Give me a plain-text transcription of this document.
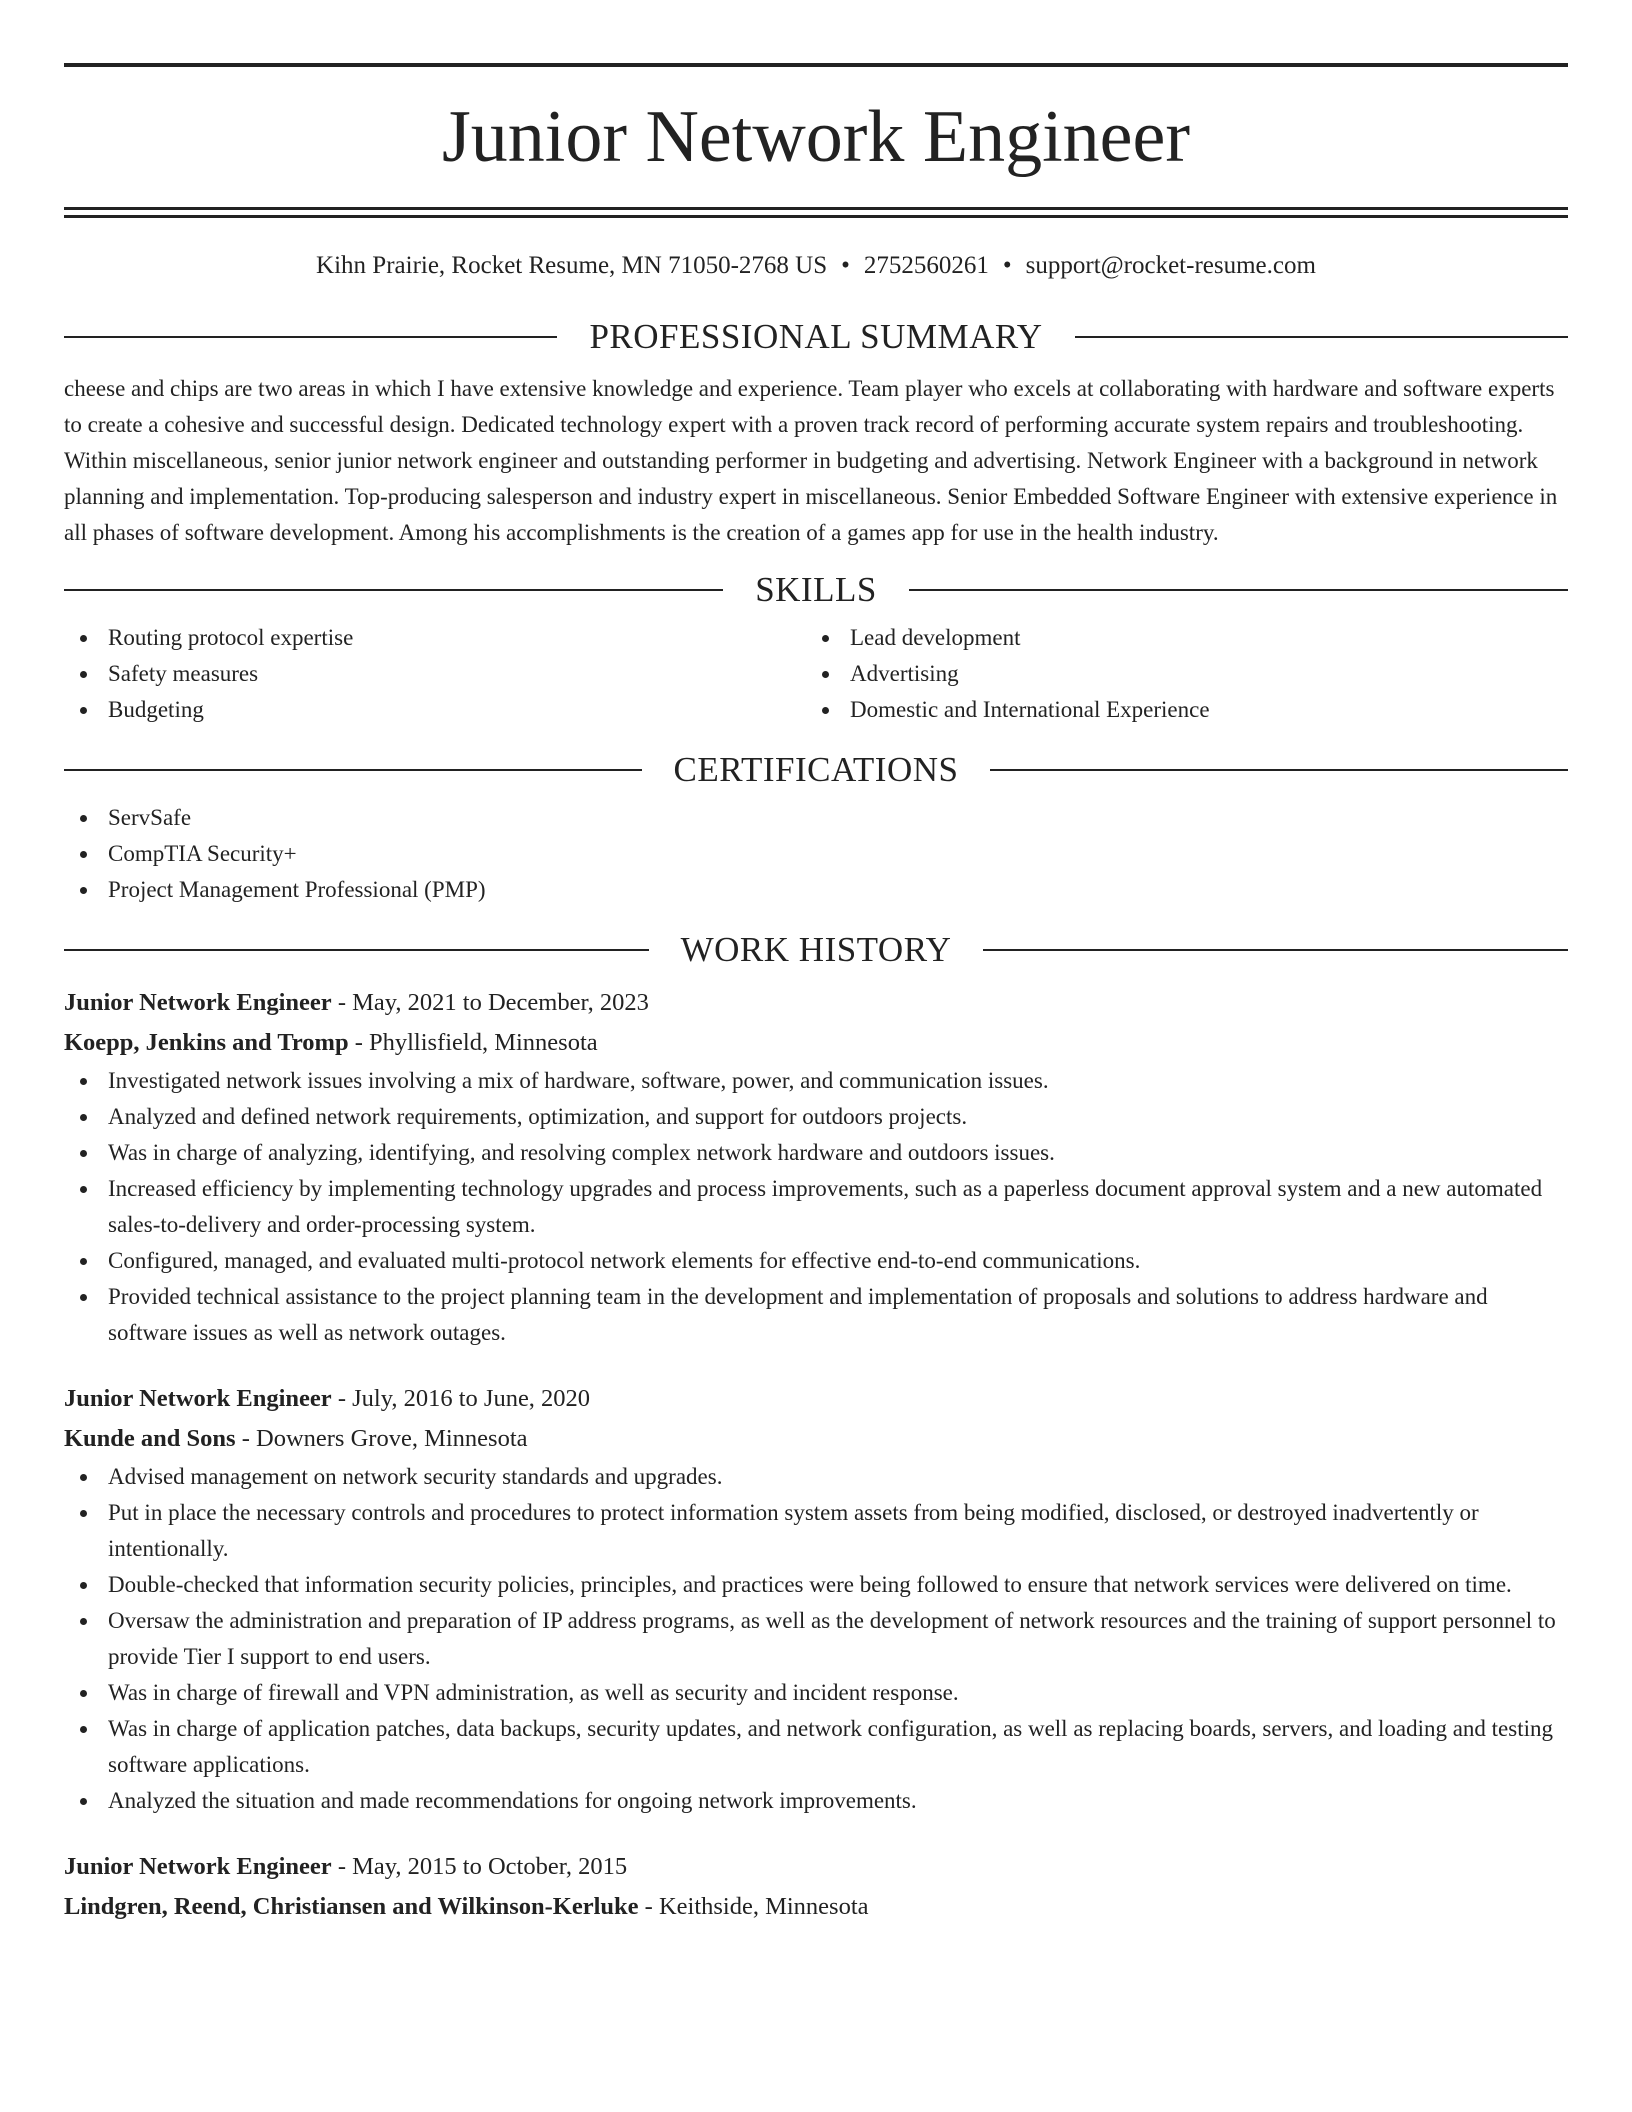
Junior Network Engineer
Kihn Prairie, Rocket Resume, MN 71050-2768 US • 2752560261 • support@rocket-resume.com
PROFESSIONAL SUMMARY
cheese and chips are two areas in which I have extensive knowledge and experience. Team player who excels at collaborating with hardware and software experts to create a cohesive and successful design. Dedicated technology expert with a proven track record of performing accurate system repairs and troubleshooting. Within miscellaneous, senior junior network engineer and outstanding performer in budgeting and advertising. Network Engineer with a background in network planning and implementation. Top-producing salesperson and industry expert in miscellaneous. Senior Embedded Software Engineer with extensive experience in all phases of software development. Among his accomplishments is the creation of a games app for use in the health industry.
SKILLS
Routing protocol expertise
Safety measures
Budgeting
Lead development
Advertising
Domestic and International Experience
CERTIFICATIONS
ServSafe
CompTIA Security+
Project Management Professional (PMP)
WORK HISTORY
Junior Network Engineer - May, 2021 to December, 2023
Koepp, Jenkins and Tromp - Phyllisfield, Minnesota
Investigated network issues involving a mix of hardware, software, power, and communication issues.
Analyzed and defined network requirements, optimization, and support for outdoors projects.
Was in charge of analyzing, identifying, and resolving complex network hardware and outdoors issues.
Increased efficiency by implementing technology upgrades and process improvements, such as a paperless document approval system and a new automated sales-to-delivery and order-processing system.
Configured, managed, and evaluated multi-protocol network elements for effective end-to-end communications.
Provided technical assistance to the project planning team in the development and implementation of proposals and solutions to address hardware and software issues as well as network outages.
Junior Network Engineer - July, 2016 to June, 2020
Kunde and Sons - Downers Grove, Minnesota
Advised management on network security standards and upgrades.
Put in place the necessary controls and procedures to protect information system assets from being modified, disclosed, or destroyed inadvertently or intentionally.
Double-checked that information security policies, principles, and practices were being followed to ensure that network services were delivered on time.
Oversaw the administration and preparation of IP address programs, as well as the development of network resources and the training of support personnel to provide Tier I support to end users.
Was in charge of firewall and VPN administration, as well as security and incident response.
Was in charge of application patches, data backups, security updates, and network configuration, as well as replacing boards, servers, and loading and testing software applications.
Analyzed the situation and made recommendations for ongoing network improvements.
Junior Network Engineer - May, 2015 to October, 2015
Lindgren, Reend, Christiansen and Wilkinson-Kerluke - Keithside, Minnesota
